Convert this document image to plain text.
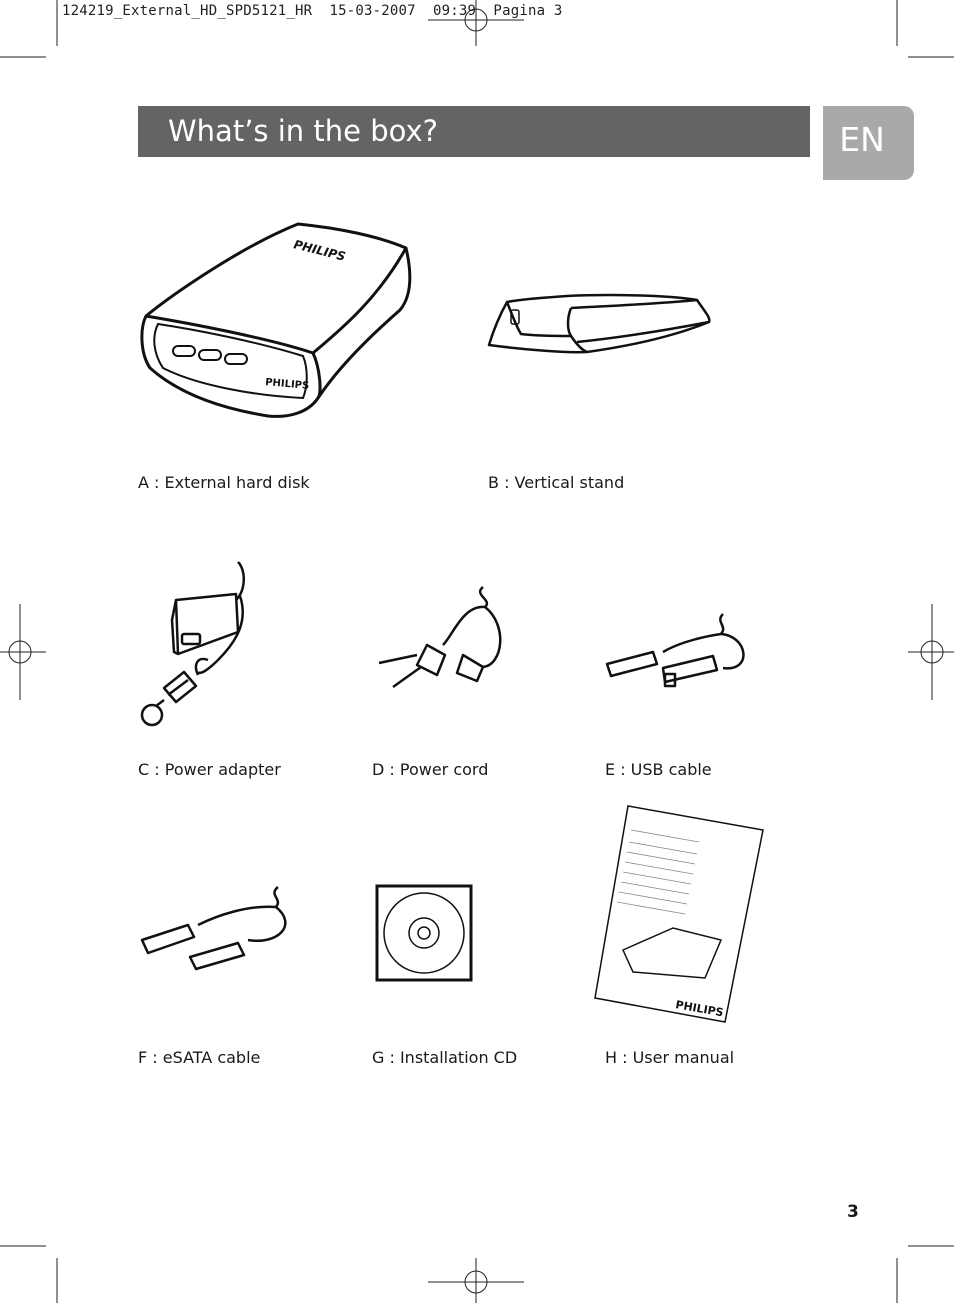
124219_External_HD_SPD5121_HR  15-03-2007  09:39  Pagina 3
What’s in the box?	EN
PHILIPS
PHILIPS
A : External hard disk	B : Vertical stand
C : Power adapter	D : Power cord	E : USB cable
F : eSATA cable	G : Installation CD
PHILIPS
H : User manual
3
